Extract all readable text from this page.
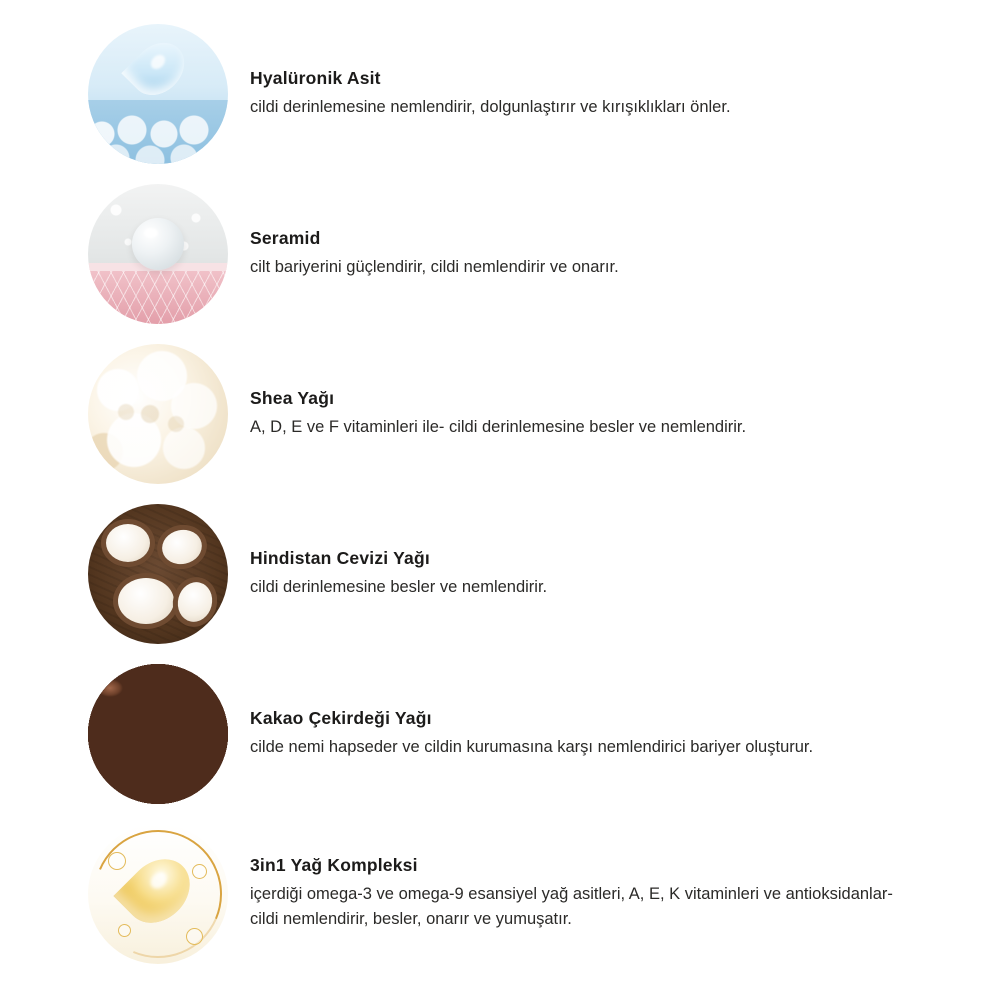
Hyalüronik Asit

cildi derinlemesine nemlendirir, dolgunlaştırır ve kırışıklıkları önler.

Seramid

cilt bariyerini güçlendirir, cildi nemlendirir ve onarır.

Shea Yağı

A, D, E ve F vitaminleri ile- cildi derinlemesine besler ve nemlendirir.

Hindistan Cevizi Yağı

cildi derinlemesine besler ve nemlendirir.

Kakao Çekirdeği Yağı

cilde nemi hapseder ve cildin kurumasına karşı nemlendirici bariyer oluşturur.

3in1 Yağ Kompleksi

içerdiği omega-3 ve omega-9 esansiyel yağ asitleri, A, E, K vitaminleri ve antioksidanlar- cildi nemlendirir, besler, onarır ve yumuşatır.
